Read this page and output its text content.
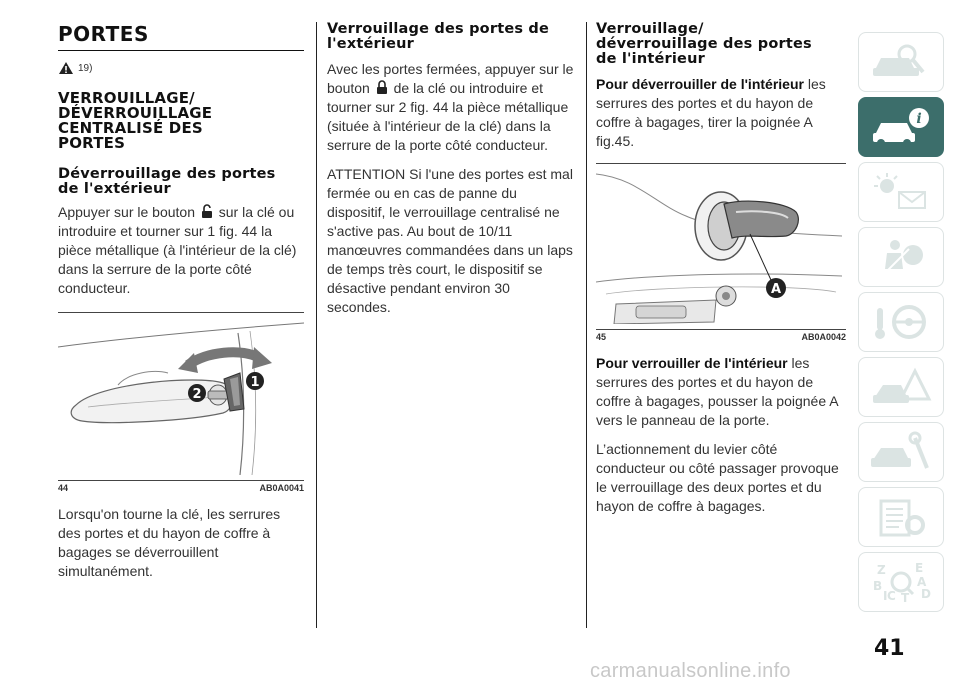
PORTES
19)
VERROUILLAGE/ DÉVERROUILLAGE CENTRALISÉ DES PORTES
Déverrouillage des portes de l'extérieur

Appuyer sur le bouton sur la clé ou introduire et tourner sur 1 fig. 44 la pièce métallique (à l'intérieur de la clé) dans la serrure de la porte côté conducteur.

2
1
44	AB0A0041

Lorsqu'on tourne la clé, les serrures des portes et du hayon de coffre à bagages se déverrouillent simultanément.

Verrouillage des portes de l'extérieur

Avec les portes fermées, appuyer sur le bouton de la clé ou introduire et tourner sur 2 fig. 44 la pièce métallique (située à l'intérieur de la clé) dans la serrure de la porte côté conducteur.

ATTENTION Si l'une des portes est mal fermée ou en cas de panne du dispositif, le verrouillage centralisé ne s'active pas. Au bout de 10/11 manœuvres commandées dans un laps de temps très court, le dispositif se désactive pendant environ 30 secondes.

Verrouillage/ déverrouillage des portes de l'intérieur

Pour déverrouiller de l'intérieur les serrures des portes et du hayon de coffre à bagages, tirer la poignée A fig.45.

A
45	AB0A0042

Pour verrouiller de l'intérieur les serrures des portes et du hayon de coffre à bagages, pousser la poignée A vers le panneau de la porte.

L’actionnement du levier côté conducteur ou côté passager provoque le verrouillage des deux portes et du hayon de coffre à bagages.

i
Z E
A
B
C T D
I
41
carmanualsonline.info
